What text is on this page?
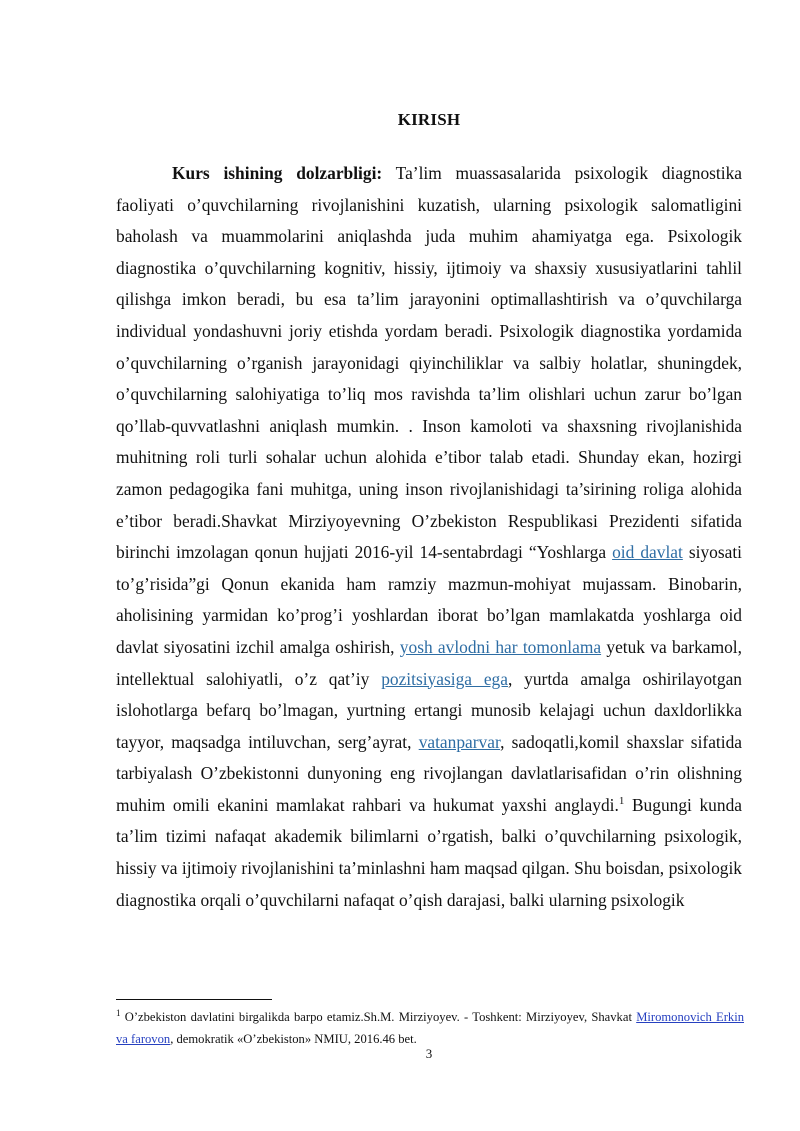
KIRISH

Kurs ishining dolzarbligi: Ta’lim muassasalarida psixologik diagnostika faoliyati o’quvchilarning rivojlanishini kuzatish, ularning psixologik salomatligini baholash va muammolarini aniqlashda juda muhim ahamiyatga ega. Psixologik diagnostika o’quvchilarning kognitiv, hissiy, ijtimoiy va shaxsiy xususiyatlarini tahlil qilishga imkon beradi, bu esa ta’lim jarayonini optimallashtirish va o’quvchilarga individual yondashuvni joriy etishda yordam beradi. Psixologik diagnostika yordamida o’quvchilarning o’rganish jarayonidagi qiyinchiliklar va salbiy holatlar, shuningdek, o’quvchilarning salohiyatiga to’liq mos ravishda ta’lim olishlari uchun zarur bo’lgan qo’llab-quvvatlashni aniqlash mumkin. . Inson kamoloti va shaxsning rivojlanishida muhitning roli turli sohalar uchun alohida e’tibor talab etadi. Shunday ekan, hozirgi zamon pedagogika fani muhitga, uning inson rivojlanishidagi ta’sirining roliga alohida e’tibor beradi.Shavkat Mirziyoyevning O’zbekiston Respublikasi Prezidenti sifatida birinchi imzolagan qonun hujjati 2016-yil 14-sentabrdagi “Yoshlarga oid davlat siyosati to’g’risida”gi Qonun ekanida ham ramziy mazmun-mohiyat mujassam. Binobarin, aholisining yarmidan ko’prog’i yoshlardan iborat bo’lgan mamlakatda yoshlarga oid davlat siyosatini izchil amalga oshirish, yosh avlodni har tomonlama yetuk va barkamol, intellektual salohiyatli, o’z qat’iy pozitsiyasiga ega, yurtda amalga oshirilayotgan islohotlarga befarq bo’lmagan, yurtning ertangi munosib kelajagi uchun daxldorlikka tayyor, maqsadga intiluvchan, serg’ayrat, vatanparvar, sadoqatli,komil shaxslar sifatida tarbiyalash O’zbekistonni dunyoning eng rivojlangan davlatlarisafidan o’rin olishning muhim omili ekanini mamlakat rahbari va hukumat yaxshi anglaydi.$^1$ Bugungi kunda ta’lim tizimi nafaqat akademik bilimlarni o’rgatish, balki o’quvchilarning psixologik, hissiy va ijtimoiy rivojlanishini ta’minlashni ham maqsad qilgan. Shu boisdan, psixologik diagnostika orqali o’quvchilarni nafaqat o’qish darajasi, balki ularning psixologik

$^1$ O’zbekiston davlatini birgalikda barpo etamiz.Sh.M. Mirziyoyev. - Toshkent: Mirziyoyev, Shavkat Miromonovich Erkin va farovon, demokratik «O’zbekiston» NMIU, 2016.46 bet.
3
